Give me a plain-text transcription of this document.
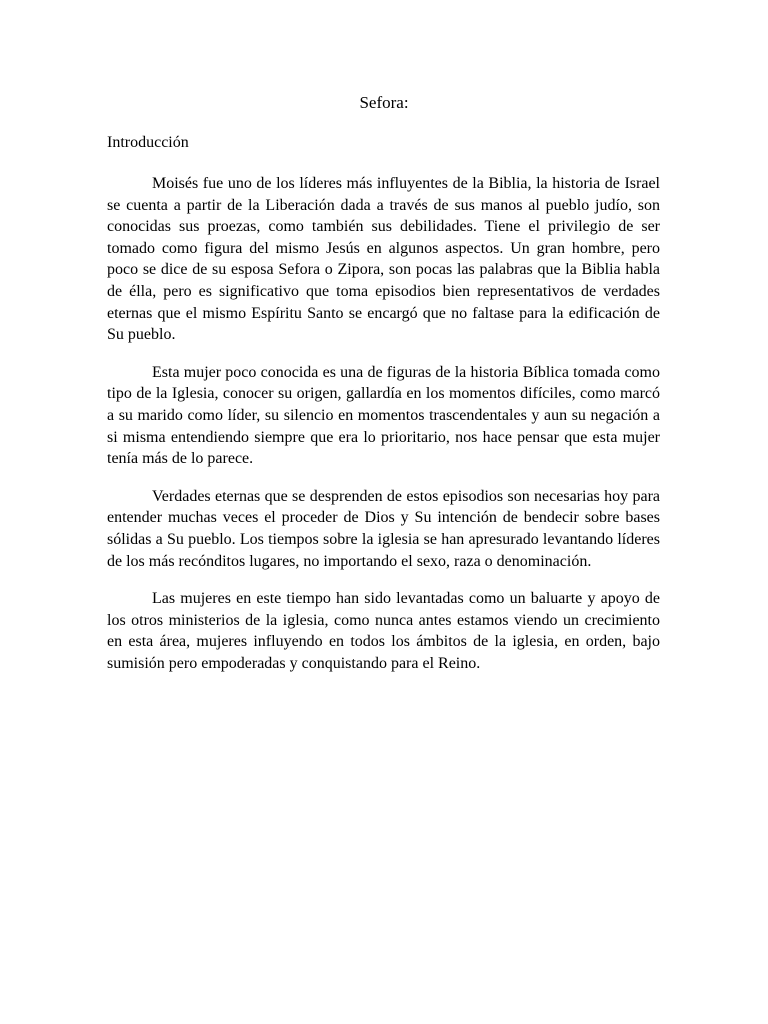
Sefora:
Introducción

Moisés fue uno de los líderes más influyentes de la Biblia, la historia de Israel se cuenta a partir de la Liberación dada a través de sus manos al pueblo judío, son conocidas sus proezas, como también sus debilidades. Tiene el privilegio de ser tomado como figura del mismo Jesús en algunos aspectos. Un gran hombre, pero poco se dice de su esposa Sefora o Zipora, son pocas las palabras que la Biblia habla de élla, pero es significativo que toma episodios bien representativos de verdades eternas que el mismo Espíritu Santo se encargó que no faltase para la edificación de Su pueblo.

Esta mujer poco conocida es una de figuras de la historia Bíblica tomada como tipo de la Iglesia, conocer su origen, gallardía en los momentos difíciles, como marcó a su marido como líder, su silencio en momentos trascendentales y aun su negación a si misma entendiendo siempre que era lo prioritario, nos hace pensar que esta mujer tenía más de lo parece.

Verdades eternas que se desprenden de estos episodios son necesarias hoy para entender muchas veces el proceder de Dios y Su intención de bendecir sobre bases sólidas a Su pueblo. Los tiempos sobre la iglesia se han apresurado levantando líderes de los más recónditos lugares, no importando el sexo, raza o denominación.

Las mujeres en este tiempo han sido levantadas como un baluarte y apoyo de los otros ministerios de la iglesia, como nunca antes estamos viendo un crecimiento en esta área, mujeres influyendo en todos los ámbitos de la iglesia, en orden, bajo sumisión pero empoderadas y conquistando para el Reino.
